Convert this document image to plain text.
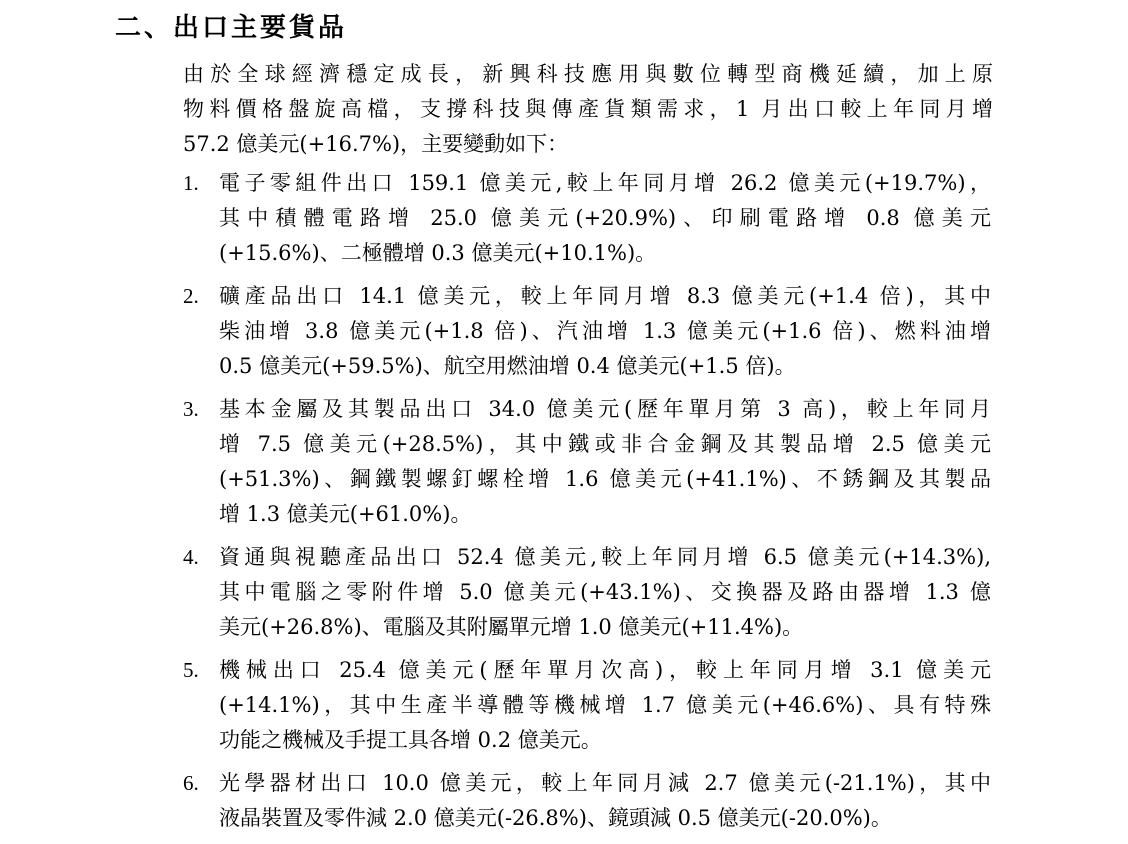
二、出口主要貨品
由於全球經濟穩定成長，新興科技應用與數位轉型商機延續，加上原
物料價格盤旋高檔，支撐科技與傳產貨類需求，1 月出口較上年同月增
57.2 億美元(+16.7%)，主要變動如下：
1. 電子零組件出口 159.1 億美元,較上年同月增 26.2 億美元(+19.7%)，
其中積體電路增 25.0 億美元(+20.9%)、印刷電路增 0.8 億美元
(+15.6%)、二極體增 0.3 億美元(+10.1%)。
2. 礦產品出口 14.1 億美元，較上年同月增 8.3 億美元(+1.4 倍)，其中
柴油增 3.8 億美元(+1.8 倍)、汽油增 1.3 億美元(+1.6 倍)、燃料油增
0.5 億美元(+59.5%)、航空用燃油增 0.4 億美元(+1.5 倍)。
3. 基本金屬及其製品出口 34.0 億美元(歷年單月第 3 高)，較上年同月
增 7.5 億美元(+28.5%)，其中鐵或非合金鋼及其製品增 2.5 億美元
(+51.3%)、鋼鐵製螺釘螺栓增 1.6 億美元(+41.1%)、不銹鋼及其製品
增 1.3 億美元(+61.0%)。
4. 資通與視聽產品出口 52.4 億美元,較上年同月增 6.5 億美元(+14.3%),
其中電腦之零附件增 5.0 億美元(+43.1%)、交換器及路由器增 1.3 億
美元(+26.8%)、電腦及其附屬單元增 1.0 億美元(+11.4%)。
5. 機械出口 25.4 億美元(歷年單月次高)，較上年同月增 3.1 億美元
(+14.1%)，其中生產半導體等機械增 1.7 億美元(+46.6%)、具有特殊
功能之機械及手提工具各增 0.2 億美元。
6. 光學器材出口 10.0 億美元，較上年同月減 2.7 億美元(-21.1%)，其中
液晶裝置及零件減 2.0 億美元(-26.8%)、鏡頭減 0.5 億美元(-20.0%)。
